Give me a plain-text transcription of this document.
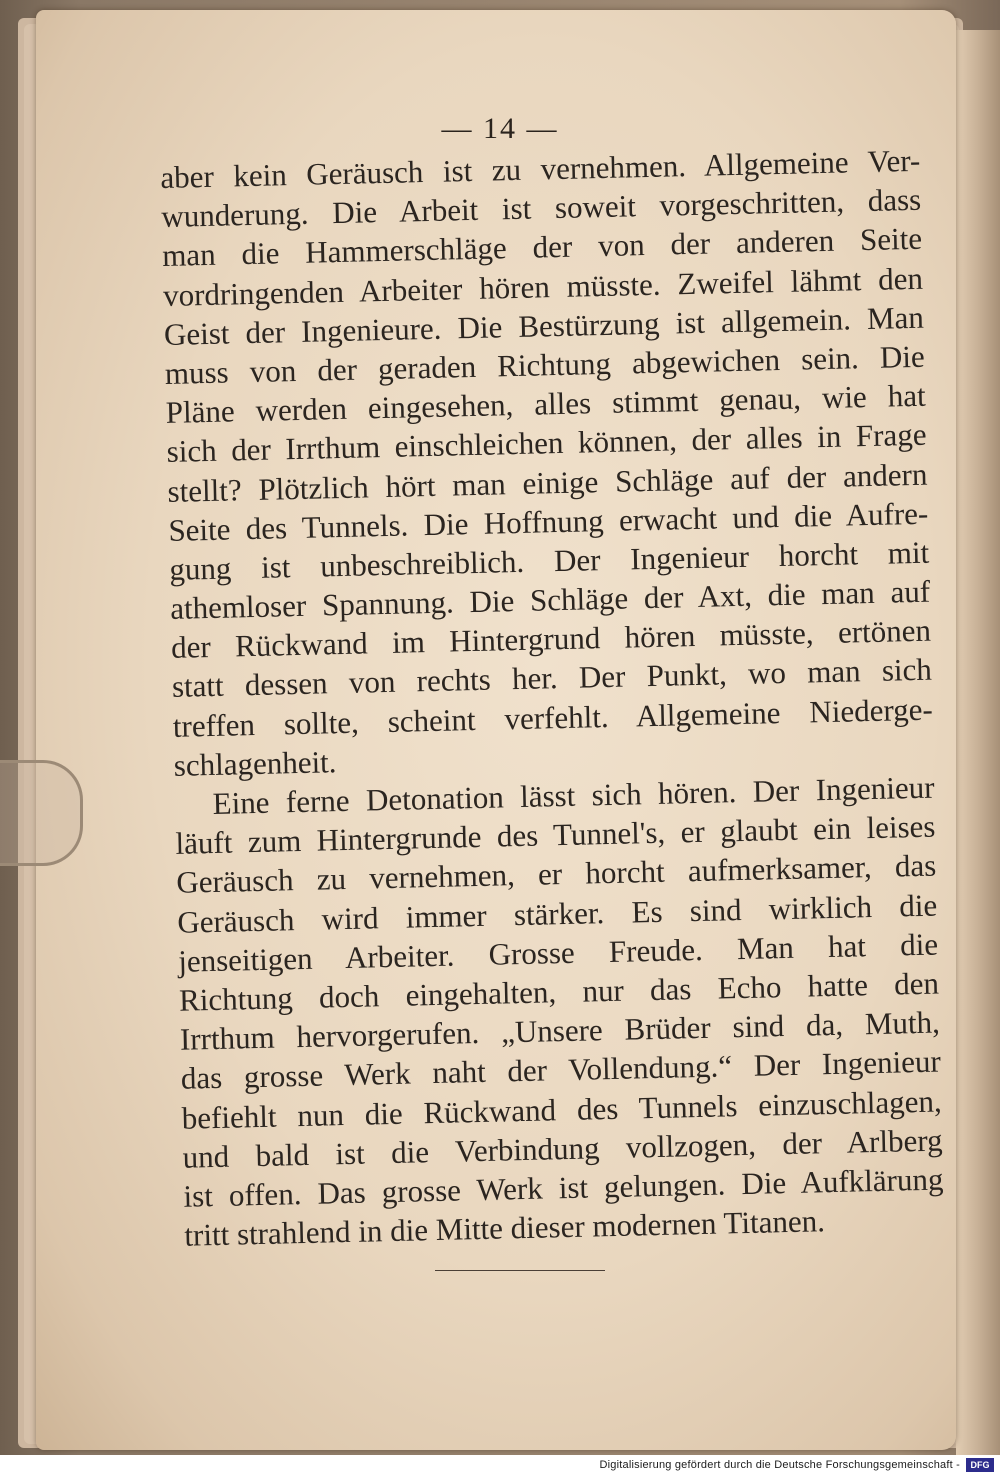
— 14 —
aber kein Geräusch ist zu vernehmen. Allgemeine Ver-
wunderung. Die Arbeit ist soweit vorgeschritten, dass
man die Hammerschläge der von der anderen Seite
vordringenden Arbeiter hören müsste. Zweifel lähmt den
Geist der Ingenieure. Die Bestürzung ist allgemein. Man
muss von der geraden Richtung abgewichen sein. Die
Pläne werden eingesehen, alles stimmt genau, wie hat
sich der Irrthum einschleichen können, der alles in Frage
stellt? Plötzlich hört man einige Schläge auf der andern
Seite des Tunnels. Die Hoffnung erwacht und die Aufre-
gung ist unbeschreiblich. Der Ingenieur horcht mit
athemloser Spannung. Die Schläge der Axt, die man auf
der Rückwand im Hintergrund hören müsste, ertönen
statt dessen von rechts her. Der Punkt, wo man sich
treffen sollte, scheint verfehlt. Allgemeine Niederge-
schlagenheit.
Eine ferne Detonation lässt sich hören. Der Ingenieur
läuft zum Hintergrunde des Tunnel's, er glaubt ein leises
Geräusch zu vernehmen, er horcht aufmerksamer, das
Geräusch wird immer stärker. Es sind wirklich die
jenseitigen Arbeiter. Grosse Freude. Man hat die
Richtung doch eingehalten, nur das Echo hatte den
Irrthum hervorgerufen. „Unsere Brüder sind da, Muth,
das grosse Werk naht der Vollendung.“ Der Ingenieur
befiehlt nun die Rückwand des Tunnels einzuschlagen,
und bald ist die Verbindung vollzogen, der Arlberg
ist offen. Das grosse Werk ist gelungen. Die Aufklärung
tritt strahlend in die Mitte dieser modernen Titanen.
Digitalisierung gefördert durch die Deutsche Forschungsgemeinschaft -	DFG
